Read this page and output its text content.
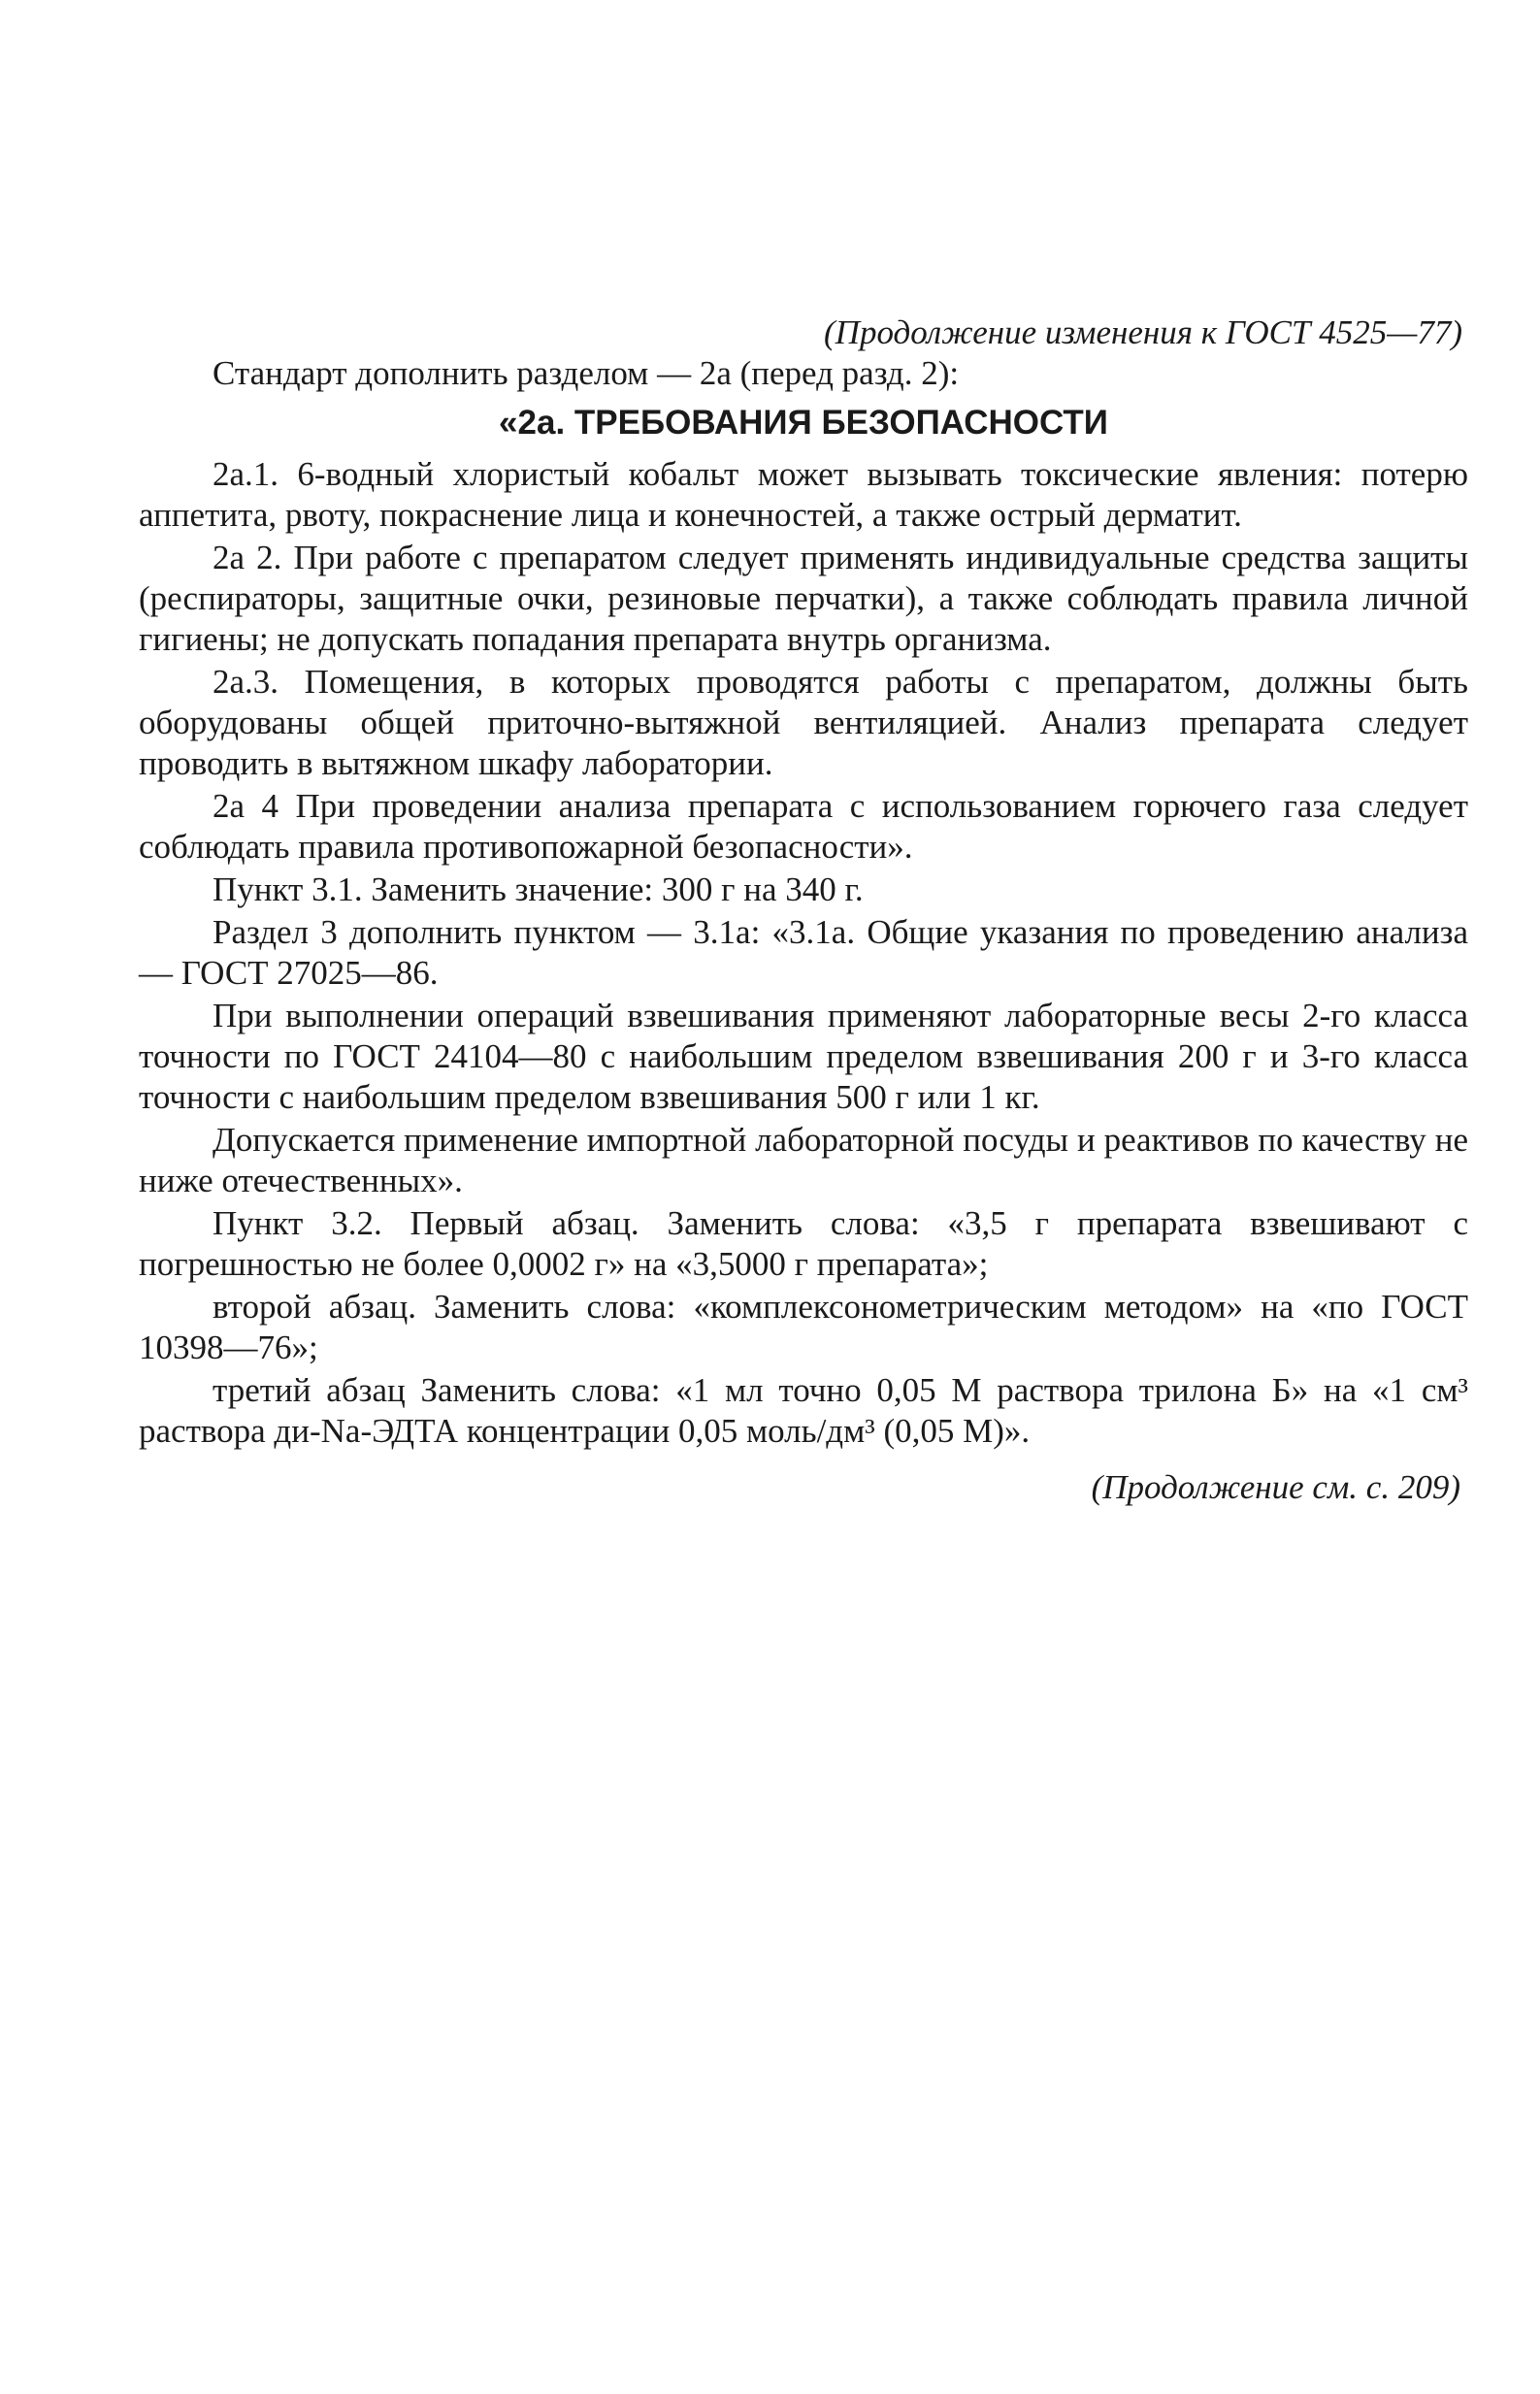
(Продолжение изменения к ГОСТ 4525—77)

Стандарт дополнить разделом — 2а (перед разд. 2):

«2а. ТРЕБОВАНИЯ БЕЗОПАСНОСТИ

2а.1. 6-водный хлористый кобальт может вызывать токсические явления: потерю аппетита, рвоту, покраснение лица и конечностей, а также острый дерматит.

2а 2. При работе с препаратом следует применять индивидуальные средства защиты (респираторы, защитные очки, резиновые перчатки), а также соблюдать правила личной гигиены; не допускать попадания препарата внутрь организма.

2а.3. Помещения, в которых проводятся работы с препаратом, должны быть оборудованы общей приточно-вытяжной вентиляцией. Анализ препарата следует проводить в вытяжном шкафу лаборатории.

2а 4 При проведении анализа препарата с использованием горючего газа следует соблюдать правила противопожарной безопасности».

Пункт 3.1. Заменить значение: 300 г на 340 г.

Раздел 3 дополнить пунктом — 3.1а: «3.1а. Общие указания по проведению анализа — ГОСТ 27025—86.

При выполнении операций взвешивания применяют лабораторные весы 2-го класса точности по ГОСТ 24104—80 с наибольшим пределом взвешивания 200 г и 3-го класса точности с наибольшим пределом взвешивания 500 г или 1 кг.

Допускается применение импортной лабораторной посуды и реактивов по качеству не ниже отечественных».

Пункт 3.2. Первый абзац. Заменить слова: «3,5 г препарата взвешивают с погрешностью не более 0,0002 г» на «3,5000 г препарата»;

второй абзац. Заменить слова: «комплексонометрическим методом» на «по ГОСТ 10398—76»;

третий абзац Заменить слова: «1 мл точно 0,05 М раствора трилона Б» на «1 см³ раствора ди-Na-ЭДТА концентрации 0,05 моль/дм³ (0,05 М)».

(Продолжение см. с. 209)
